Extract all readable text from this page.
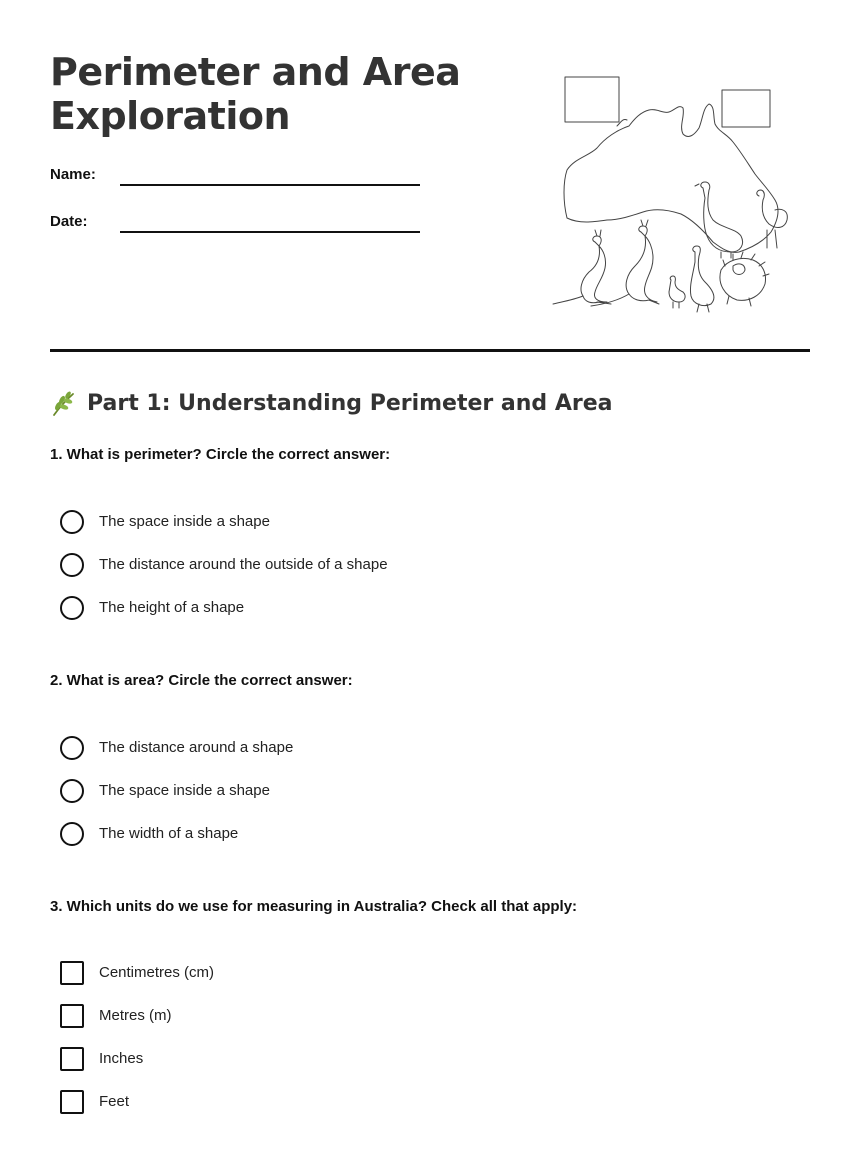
Perimeter and Area Exploration
Name:
Date:
Part 1: Understanding Perimeter and Area

1. What is perimeter? Circle the correct answer:

The space inside a shape
The distance around the outside of a shape
The height of a shape

2. What is area? Circle the correct answer:

The distance around a shape
The space inside a shape
The width of a shape

3. Which units do we use for measuring in Australia? Check all that apply:

Centimetres (cm)
Metres (m)
Inches
Feet
